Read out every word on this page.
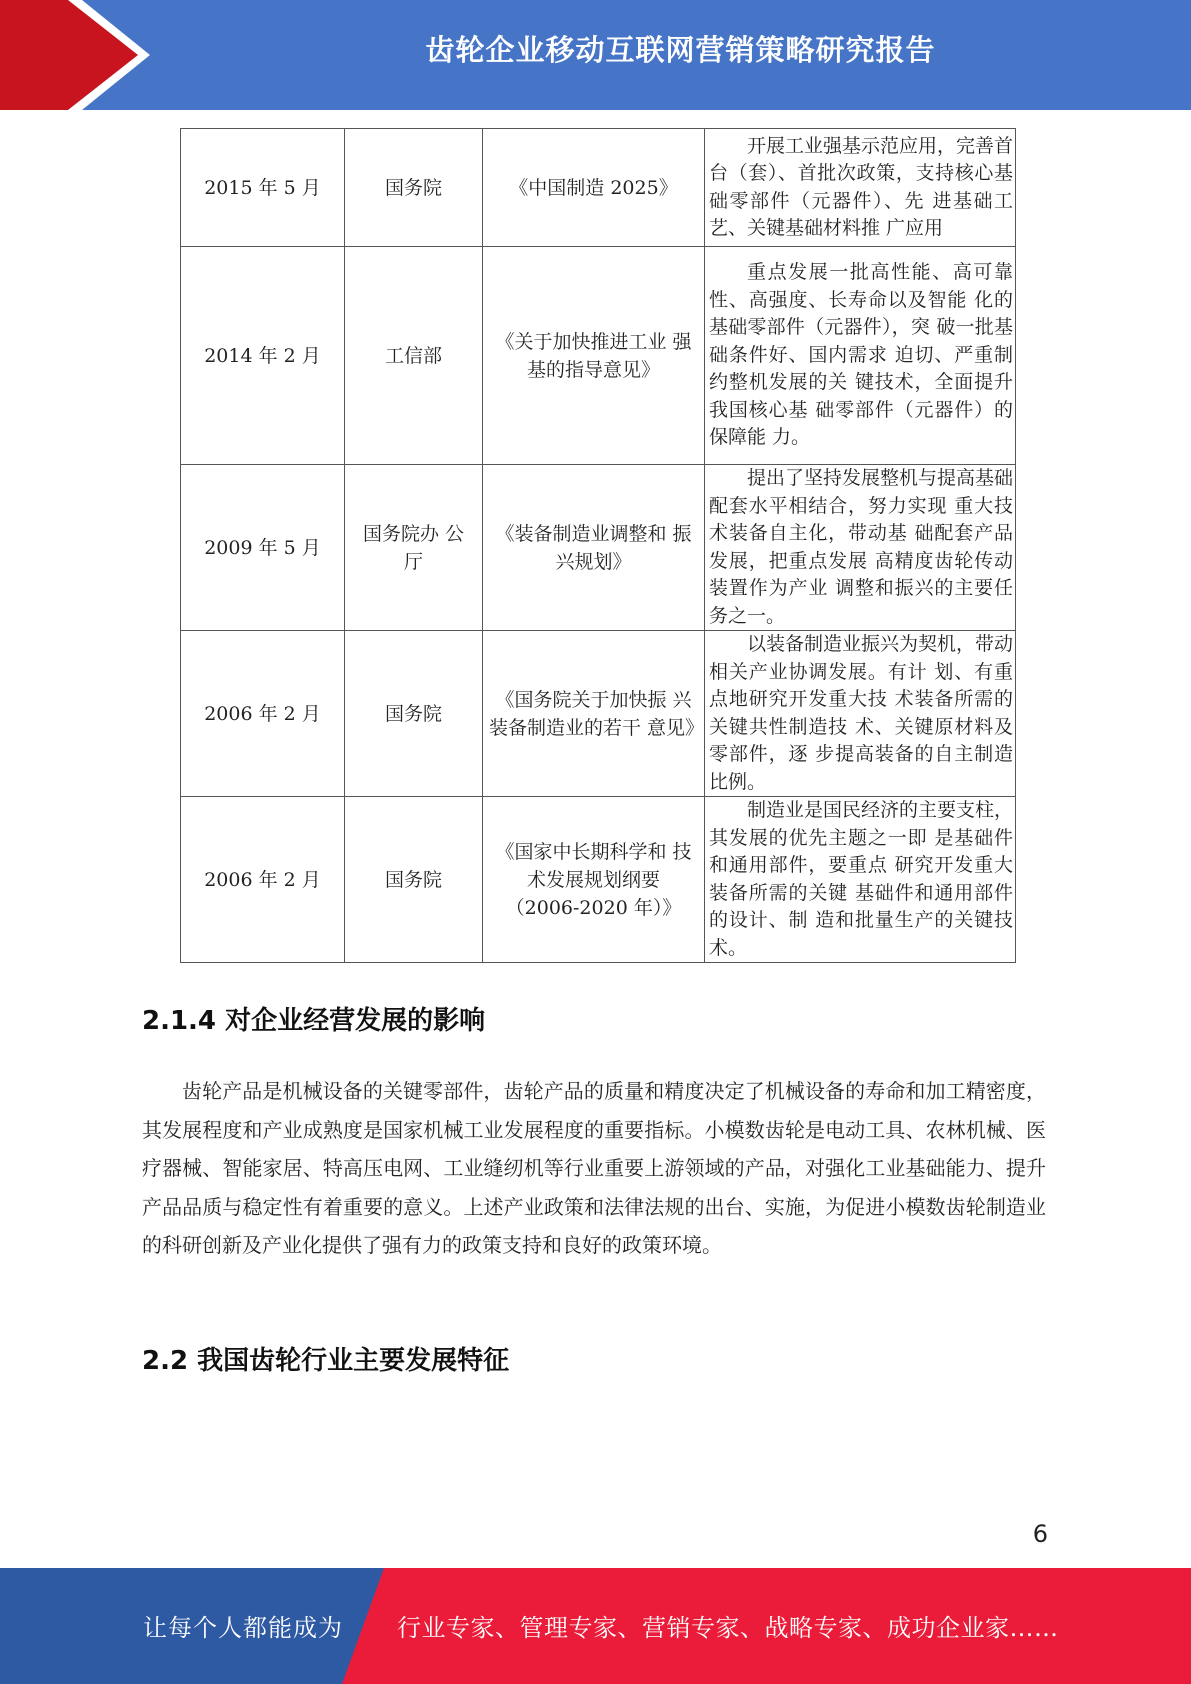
齿轮企业移动互联网营销策略研究报告
2015 年 5 月	国务院	《中国制造 2025》	开展工业强基示范应用，完善首台（套）、首批次政策，支持核心基础零部件（元器件）、先 进基础工艺、关键基础材料推 广应用

2014 年 2 月	工信部	《关于加快推进工业 强基的指导意见》	重点发展一批高性能、高可靠性、高强度、长寿命以及智能 化的基础零部件（元器件），突 破一批基础条件好、国内需求 迫切、严重制约整机发展的关 键技术，全面提升我国核心基 础零部件（元器件）的保障能 力。

2009 年 5 月	国务院办 公 厅	《装备制造业调整和 振兴规划》	提出了坚持发展整机与提高基础配套水平相结合，努力实现 重大技术装备自主化，带动基 础配套产品发展，把重点发展 高精度齿轮传动装置作为产业 调整和振兴的主要任务之一。

2006 年 2 月	国务院	《国务院关于加快振 兴装备制造业的若干 意见》	以装备制造业振兴为契机，带动相关产业协调发展。有计 划、有重点地研究开发重大技 术装备所需的关键共性制造技 术、关键原材料及零部件，逐 步提高装备的自主制造比例。

2006 年 2 月	国务院	《国家中长期科学和 技术发展规划纲要 （2006-2020 年）》	制造业是国民经济的主要支柱，其发展的优先主题之一即 是基础件和通用部件，要重点 研究开发重大装备所需的关键 基础件和通用部件的设计、制 造和批量生产的关键技术。
2.1.4 对企业经营发展的影响

齿轮产品是机械设备的关键零部件，齿轮产品的质量和精度决定了机械设备的寿命和加工精密度，其发展程度和产业成熟度是国家机械工业发展程度的重要指标。小模数齿轮是电动工具、农林机械、医疗器械、智能家居、特高压电网、工业缝纫机等行业重要上游领域的产品，对强化工业基础能力、提升产品品质与稳定性有着重要的意义。上述产业政策和法律法规的出台、实施，为促进小模数齿轮制造业的科研创新及产业化提供了强有力的政策支持和良好的政策环境。

2.2 我国齿轮行业主要发展特征
6
让每个人都能成为 行业专家、管理专家、营销专家、战略专家、成功企业家……
